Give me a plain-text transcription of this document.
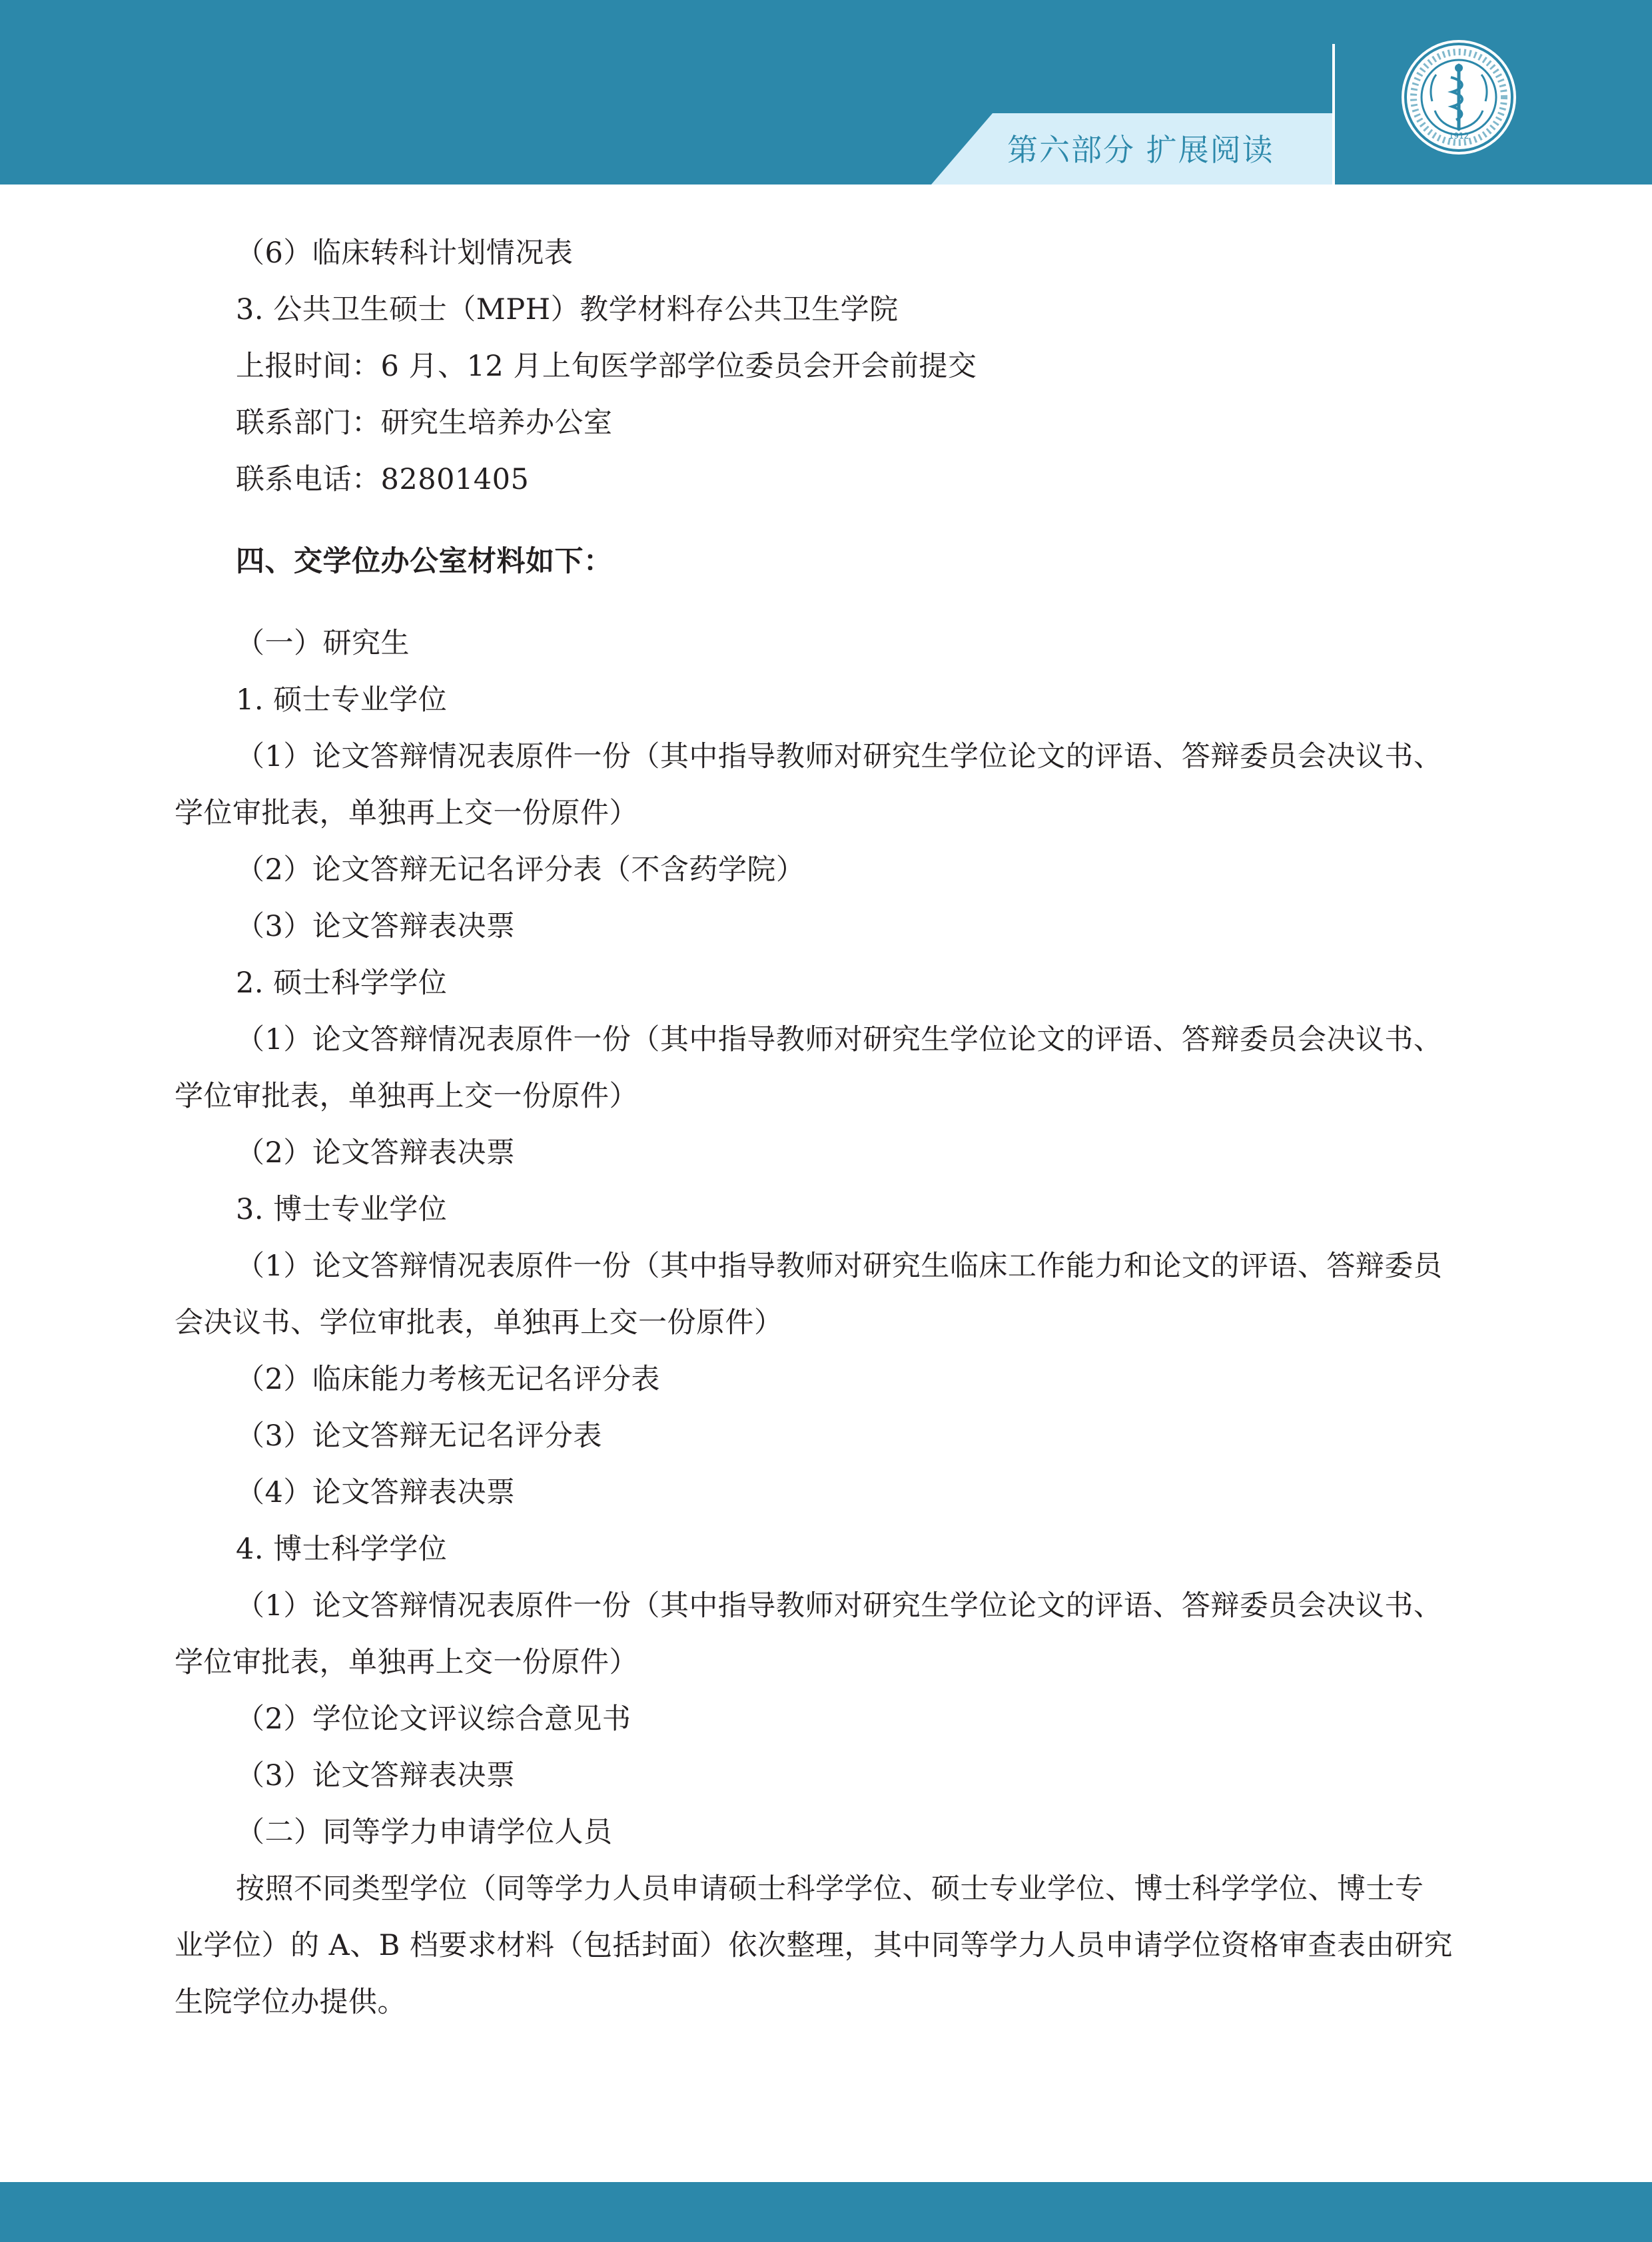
第六部分 扩展阅读	1912

（6）临床转科计划情况表

3. 公共卫生硕士（MPH）教学材料存公共卫生学院

上报时间：6 月、12 月上旬医学部学位委员会开会前提交

联系部门：研究生培养办公室

联系电话：82801405

四、交学位办公室材料如下：

（一）研究生

1. 硕士专业学位

（1）论文答辩情况表原件一份（其中指导教师对研究生学位论文的评语、答辩委员会决议书、

学位审批表，单独再上交一份原件）

（2）论文答辩无记名评分表（不含药学院）

（3）论文答辩表决票

2. 硕士科学学位

（1）论文答辩情况表原件一份（其中指导教师对研究生学位论文的评语、答辩委员会决议书、

学位审批表，单独再上交一份原件）

（2）论文答辩表决票

3. 博士专业学位

（1）论文答辩情况表原件一份（其中指导教师对研究生临床工作能力和论文的评语、答辩委员

会决议书、学位审批表，单独再上交一份原件）

（2）临床能力考核无记名评分表

（3）论文答辩无记名评分表

（4）论文答辩表决票

4. 博士科学学位

（1）论文答辩情况表原件一份（其中指导教师对研究生学位论文的评语、答辩委员会决议书、

学位审批表，单独再上交一份原件）

（2）学位论文评议综合意见书

（3）论文答辩表决票

（二）同等学力申请学位人员

按照不同类型学位（同等学力人员申请硕士科学学位、硕士专业学位、博士科学学位、博士专

业学位）的 A、B 档要求材料（包括封面）依次整理，其中同等学力人员申请学位资格审查表由研究

生院学位办提供。
